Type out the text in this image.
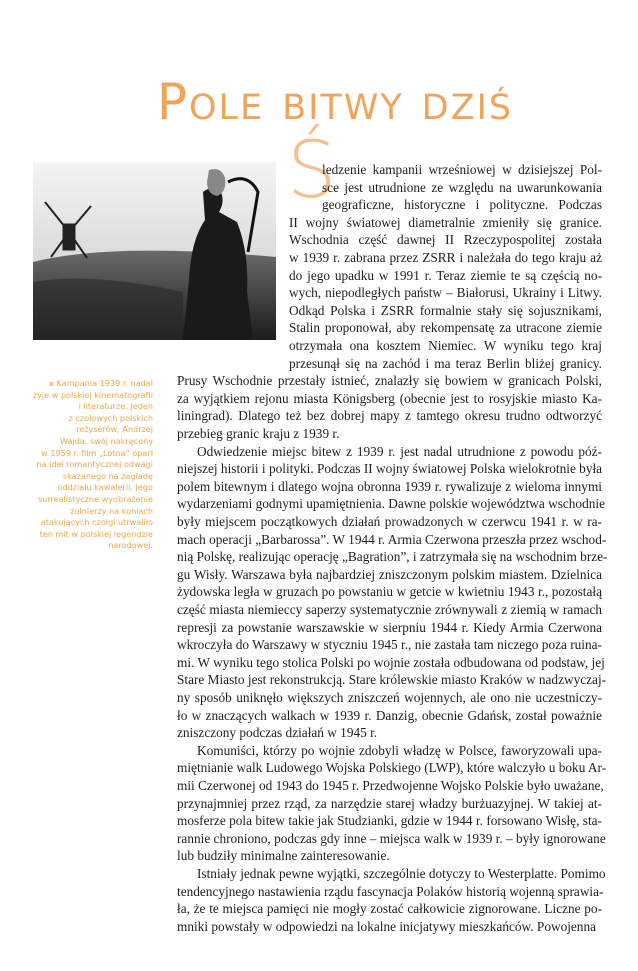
Pole bitwy dziś
▪ Kampania 1939 r. nadal
żyje w polskiej kinematografii
i literaturze. Jeden
z czołowych polskich
reżyserów, Andrzej
Wajda, swój nakręcony
w 1959 r. film „Lotna” oparł
na idei romantycznej odwagi
skazanego na zagładę
oddziału kawalerii. Jego
surrealistyczne wyobrażenie
żołnierzy na koniach
atakujących czołgi utrwaliło
ten mit w polskiej legendzie
narodowej.
Ś
ledzenie kampanii wrześniowej w dzisiejszej Pol-
sce jest utrudnione ze względu na uwarunkowania
geograficzne, historyczne i polityczne. Podczas
II wojny światowej diametralnie zmieniły się granice.
Wschodnia część dawnej II Rzeczypospolitej została
w 1939 r. zabrana przez ZSRR i należała do tego kraju aż
do jego upadku w 1991 r. Teraz ziemie te są częścią no-
wych, niepodległych państw – Białorusi, Ukrainy i Litwy.
Odkąd Polska i ZSRR formalnie stały się sojusznikami,
Stalin proponował, aby rekompensatę za utracone ziemie
otrzymała ona kosztem Niemiec. W wyniku tego kraj
przesunął się na zachód i ma teraz Berlin bliżej granicy.
Prusy Wschodnie przestały istnieć, znalazły się bowiem w granicach Polski,
za wyjątkiem rejonu miasta Königsberg (obecnie jest to rosyjskie miasto Ka-
liningrad). Dlatego też bez dobrej mapy z tamtego okresu trudno odtworzyć
przebieg granic kraju z 1939 r.
Odwiedzenie miejsc bitew z 1939 r. jest nadal utrudnione z powodu póź-
niejszej historii i polityki. Podczas II wojny światowej Polska wielokrotnie była
polem bitewnym i dlatego wojna obronna 1939 r. rywalizuje z wieloma innymi
wydarzeniami godnymi upamiętnienia. Dawne polskie województwa wschodnie
były miejscem początkowych działań prowadzonych w czerwcu 1941 r. w ra-
mach operacji „Barbarossa”. W 1944 r. Armia Czerwona przeszła przez wschod-
nią Polskę, realizując operację „Bagration”, i zatrzymała się na wschodnim brze-
gu Wisły. Warszawa była najbardziej zniszczonym polskim miastem. Dzielnica
żydowska legła w gruzach po powstaniu w getcie w kwietniu 1943 r., pozostałą
część miasta niemieccy saperzy systematycznie zrównywali z ziemią w ramach
represji za powstanie warszawskie w sierpniu 1944 r. Kiedy Armia Czerwona
wkroczyła do Warszawy w styczniu 1945 r., nie zastała tam niczego poza ruina-
mi. W wyniku tego stolica Polski po wojnie została odbudowana od podstaw, jej
Stare Miasto jest rekonstrukcją. Stare królewskie miasto Kraków w nadzwyczaj-
ny sposób uniknęło większych zniszczeń wojennych, ale ono nie uczestniczy-
ło w znaczących walkach w 1939 r. Danzig, obecnie Gdańsk, został poważnie
zniszczony podczas działań w 1945 r.
Komuniści, którzy po wojnie zdobyli władzę w Polsce, faworyzowali upa-
miętnianie walk Ludowego Wojska Polskiego (LWP), które walczyło u boku Ar-
mii Czerwonej od 1943 do 1945 r. Przedwojenne Wojsko Polskie było uważane,
przynajmniej przez rząd, za narzędzie starej władzy burżuazyjnej. W takiej at-
mosferze pola bitew takie jak Studzianki, gdzie w 1944 r. forsowano Wisłę, sta-
rannie chroniono, podczas gdy inne – miejsca walk w 1939 r. – były ignorowane
lub budziły minimalne zainteresowanie.
Istniały jednak pewne wyjątki, szczególnie dotyczy to Westerplatte. Pomimo
tendencyjnego nastawienia rządu fascynacja Polaków historią wojenną sprawia-
ła, że te miejsca pamięci nie mogły zostać całkowicie zignorowane. Liczne po-
mniki powstały w odpowiedzi na lokalne inicjatywy mieszkańców. Powojenna
